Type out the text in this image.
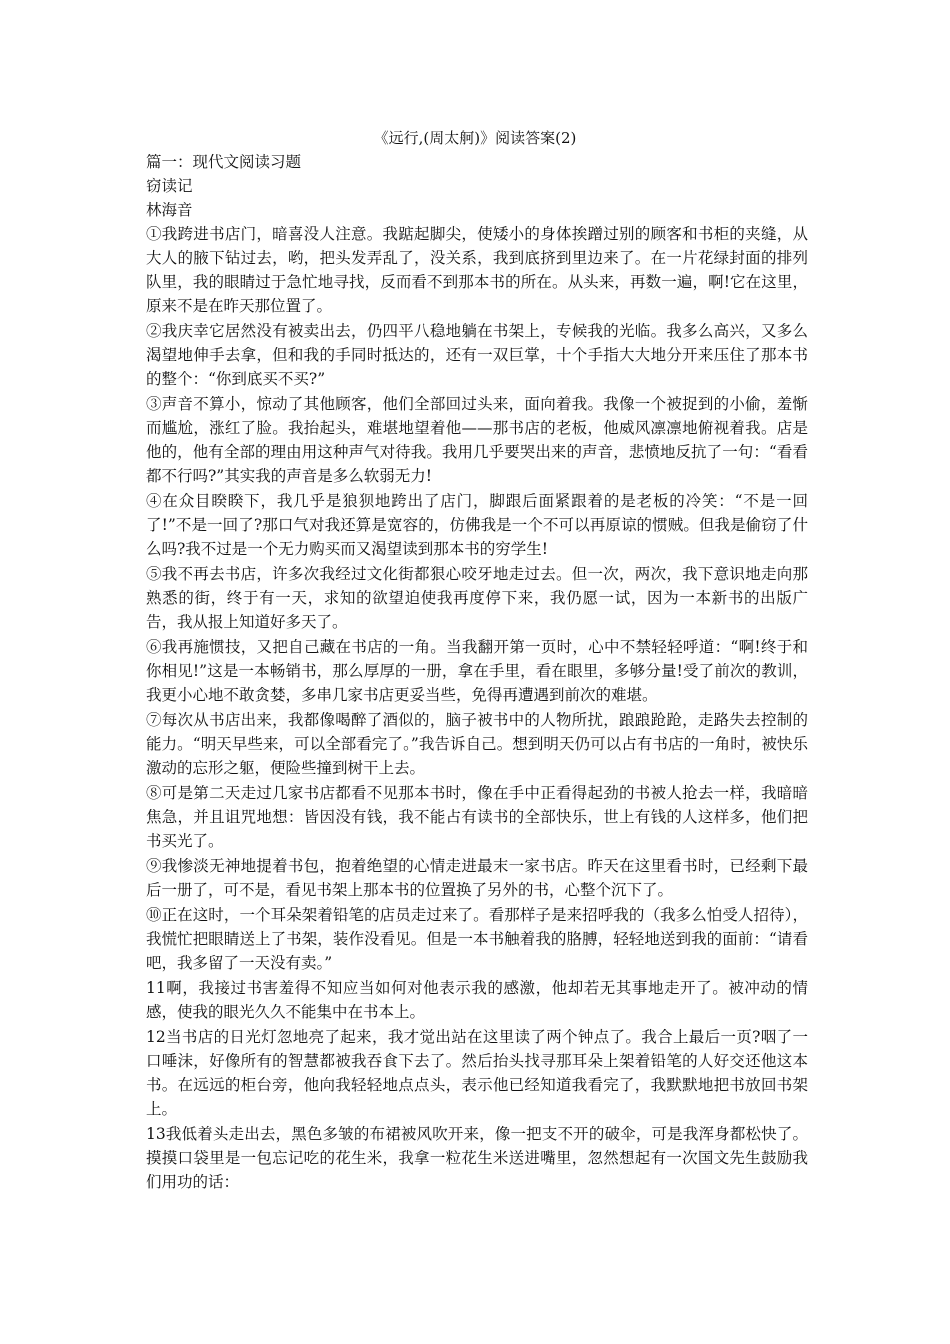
《远行,(周太舸)》阅读答案(2)

篇一：现代文阅读习题

窃读记

林海音

①我跨进书店门，暗喜没人注意。我踮起脚尖，使矮小的身体挨蹭过别的顾客和书柜的夹缝，从大人的腋下钻过去，哟，把头发弄乱了，没关系，我到底挤到里边来了。在一片花绿封面的排列队里，我的眼睛过于急忙地寻找，反而看不到那本书的所在。从头来，再数一遍，啊!它在这里，原来不是在昨天那位置了。

②我庆幸它居然没有被卖出去，仍四平八稳地躺在书架上，专候我的光临。我多么高兴，又多么渴望地伸手去拿，但和我的手同时抵达的，还有一双巨掌，十个手指大大地分开来压住了那本书的整个：“你到底买不买?”

③声音不算小，惊动了其他顾客，他们全部回过头来，面向着我。我像一个被捉到的小偷，羞惭而尴尬，涨红了脸。我抬起头，难堪地望着他——那书店的老板，他威风凛凛地俯视着我。店是他的，他有全部的理由用这种声气对待我。我用几乎要哭出来的声音，悲愤地反抗了一句：“看看都不行吗?”其实我的声音是多么软弱无力!

④在众目睽睽下，我几乎是狼狈地跨出了店门，脚跟后面紧跟着的是老板的冷笑：“不是一回了!”不是一回了?那口气对我还算是宽容的，仿佛我是一个不可以再原谅的惯贼。但我是偷窃了什么吗?我不过是一个无力购买而又渴望读到那本书的穷学生!

⑤我不再去书店，许多次我经过文化街都狠心咬牙地走过去。但一次，两次，我下意识地走向那熟悉的街，终于有一天，求知的欲望迫使我再度停下来，我仍愿一试，因为一本新书的出版广告，我从报上知道好多天了。

⑥我再施惯技，又把自己藏在书店的一角。当我翻开第一页时，心中不禁轻轻呼道：“啊!终于和你相见!”这是一本畅销书，那么厚厚的一册，拿在手里，看在眼里，多够分量!受了前次的教训，我更小心地不敢贪婪，多串几家书店更妥当些，免得再遭遇到前次的难堪。

⑦每次从书店出来，我都像喝醉了酒似的，脑子被书中的人物所扰，踉踉跄跄，走路失去控制的能力。“明天早些来，可以全部看完了。”我告诉自己。想到明天仍可以占有书店的一角时，被快乐激动的忘形之躯，便险些撞到树干上去。

⑧可是第二天走过几家书店都看不见那本书时，像在手中正看得起劲的书被人抢去一样，我暗暗焦急，并且诅咒地想：皆因没有钱，我不能占有读书的全部快乐，世上有钱的人这样多，他们把书买光了。

⑨我惨淡无神地提着书包，抱着绝望的心情走进最末一家书店。昨天在这里看书时，已经剩下最后一册了，可不是，看见书架上那本书的位置换了另外的书，心整个沉下了。

⑩正在这时，一个耳朵架着铅笔的店员走过来了。看那样子是来招呼我的（我多么怕受人招待），我慌忙把眼睛送上了书架，装作没看见。但是一本书触着我的胳膊，轻轻地送到我的面前：“请看吧，我多留了一天没有卖。”

11啊，我接过书害羞得不知应当如何对他表示我的感激，他却若无其事地走开了。被冲动的情感，使我的眼光久久不能集中在书本上。

12当书店的日光灯忽地亮了起来，我才觉出站在这里读了两个钟点了。我合上最后一页?咽了一口唾沫，好像所有的智慧都被我吞食下去了。然后抬头找寻那耳朵上架着铅笔的人好交还他这本书。在远远的柜台旁，他向我轻轻地点点头，表示他已经知道我看完了，我默默地把书放回书架上。

13我低着头走出去，黑色多皱的布裙被风吹开来，像一把支不开的破伞，可是我浑身都松快了。摸摸口袋里是一包忘记吃的花生米，我拿一粒花生米送进嘴里，忽然想起有一次国文先生鼓励我们用功的话：
